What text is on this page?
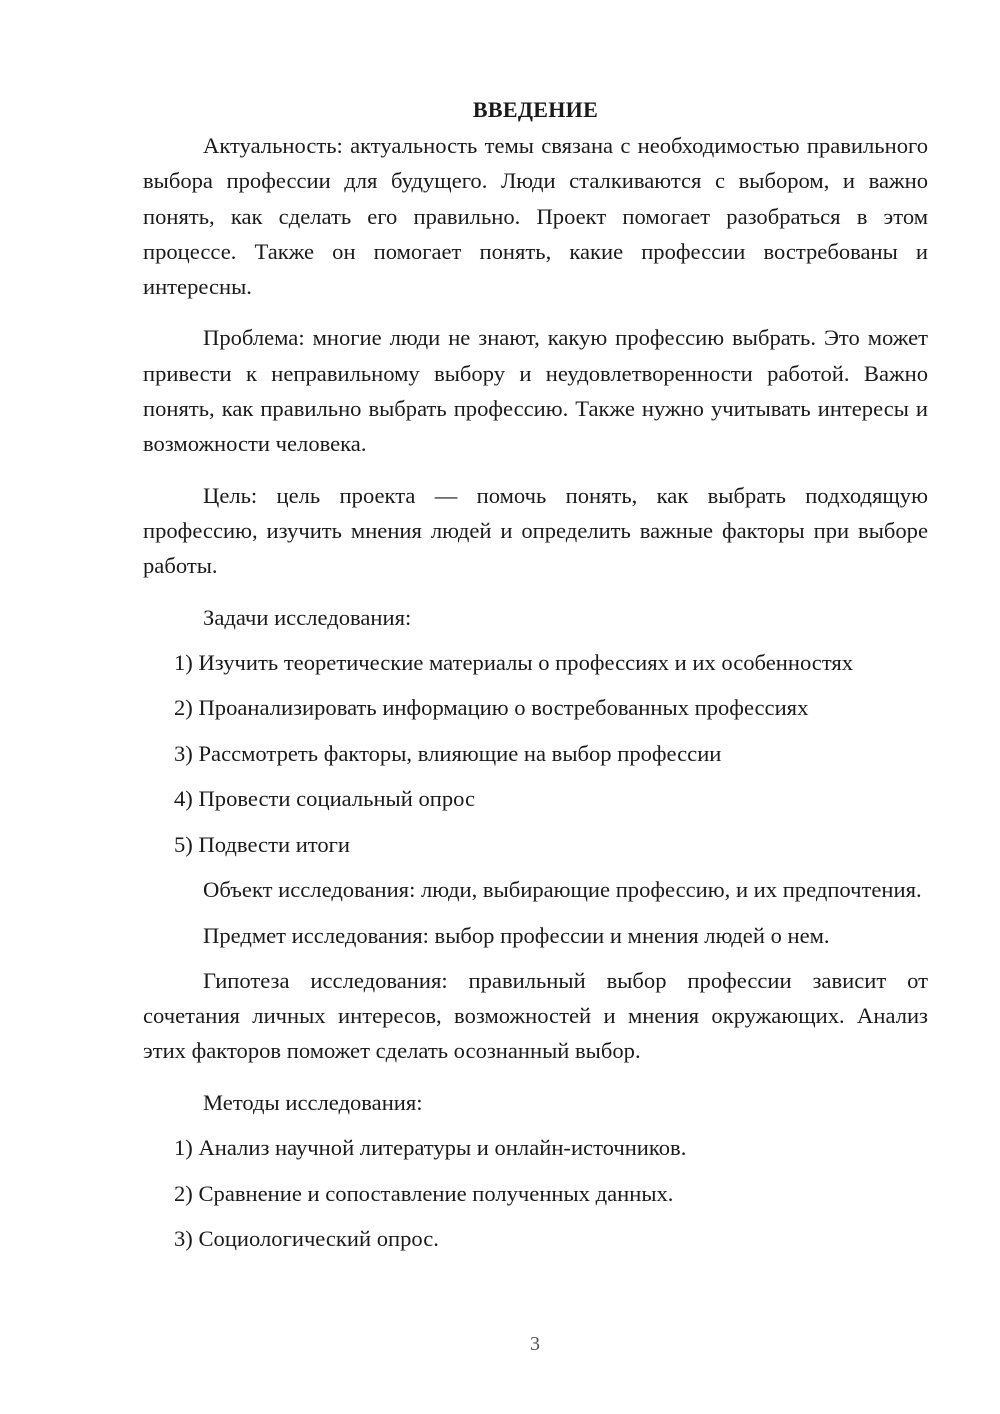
ВВЕДЕНИЕ

Актуальность: актуальность темы связана с необходимостью правильного выбора профессии для будущего. Люди сталкиваются с выбором, и важно понять, как сделать его правильно. Проект помогает разобраться в этом процессе. Также он помогает понять, какие профессии востребованы и интересны.

Проблема: многие люди не знают, какую профессию выбрать. Это может привести к неправильному выбору и неудовлетворенности работой. Важно понять, как правильно выбрать профессию. Также нужно учитывать интересы и возможности человека.

Цель: цель проекта — помочь понять, как выбрать подходящую профессию, изучить мнения людей и определить важные факторы при выборе работы.

Задачи исследования:

1) Изучить теоретические материалы о профессиях и их особенностях
2) Проанализировать информацию о востребованных профессиях
3) Рассмотреть факторы, влияющие на выбор профессии
4) Провести социальный опрос
5) Подвести итоги

Объект исследования: люди, выбирающие профессию, и их предпочтения.

Предмет исследования: выбор профессии и мнения людей о нем.

Гипотеза исследования: правильный выбор профессии зависит от сочетания личных интересов, возможностей и мнения окружающих. Анализ этих факторов поможет сделать осознанный выбор.

Методы исследования:

1) Анализ научной литературы и онлайн-источников.
2) Сравнение и сопоставление полученных данных.
3) Социологический опрос.
3
